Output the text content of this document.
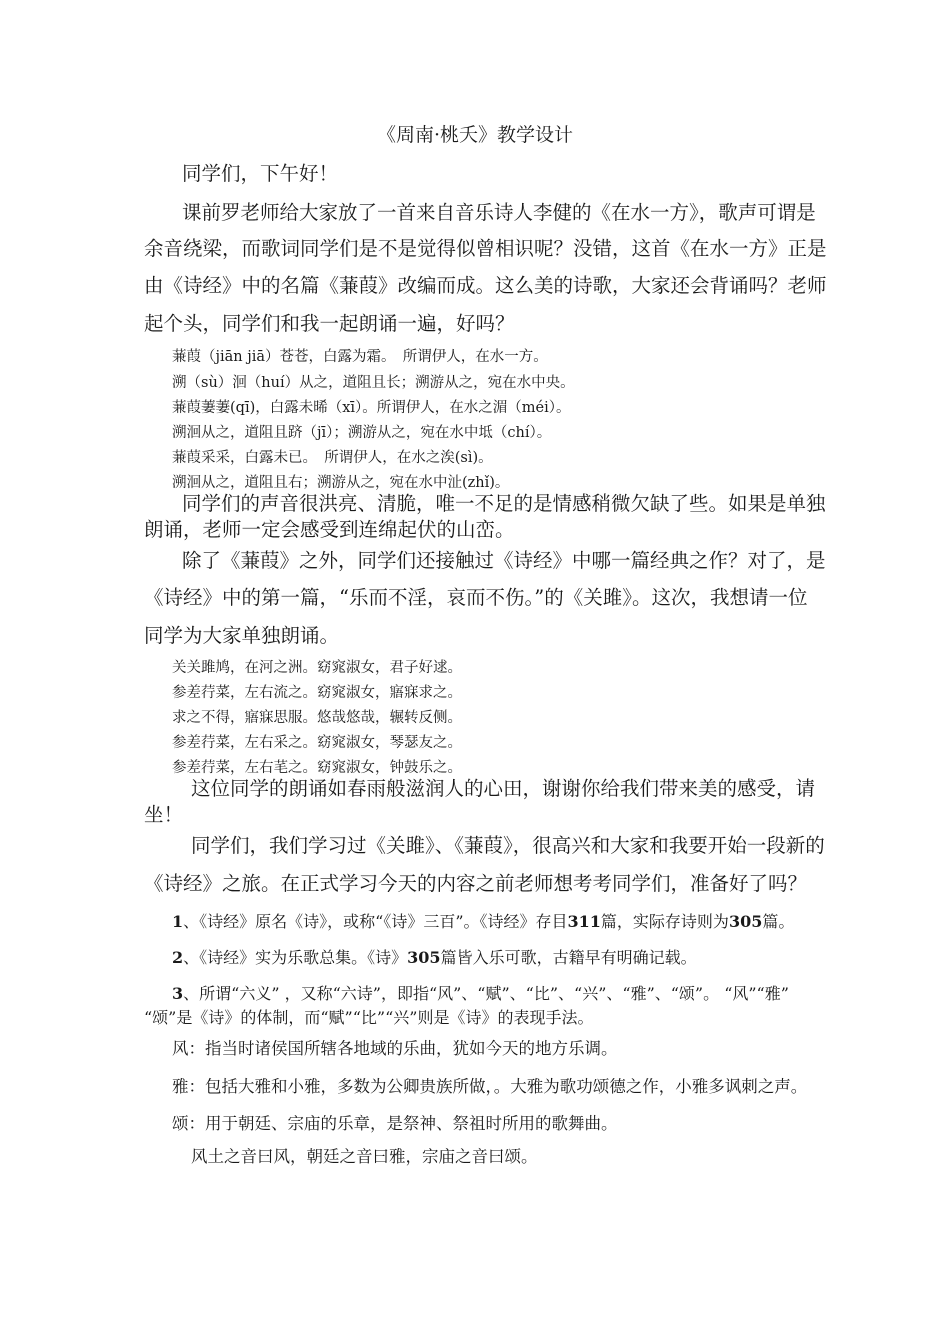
《周南·桃夭》教学设计

同学们，下午好！

课前罗老师给大家放了一首来自音乐诗人李健的《在水一方》，歌声可谓是

余音绕梁，而歌词同学们是不是觉得似曾相识呢？没错，这首《在水一方》正是

由《诗经》中的名篇《蒹葭》改编而成。这么美的诗歌，大家还会背诵吗？老师

起个头，同学们和我一起朗诵一遍，好吗？

蒹葭（jiān jiā）苍苍，白露为霜。　所谓伊人，在水一方。

溯（sù）洄（huí）从之，道阻且长；溯游从之，宛在水中央。

蒹葭萋萋(qī)，白露未晞（xī）。所谓伊人，在水之湄（méi）。

溯洄从之，道阻且跻（jī）；溯游从之，宛在水中坻（chí）。

蒹葭采采，白露未已。　所谓伊人，在水之涘(sì)。

溯洄从之，道阻且右；溯游从之，宛在水中沚(zhǐ)。

同学们的声音很洪亮、清脆，唯一不足的是情感稍微欠缺了些。如果是单独

朗诵，老师一定会感受到连绵起伏的山峦。

除了《蒹葭》之外，同学们还接触过《诗经》中哪一篇经典之作？对了，是

《诗经》中的第一篇，“乐而不淫，哀而不伤。”的《关雎》。这次，我想请一位

同学为大家单独朗诵。

关关雎鸠，在河之洲。窈窕淑女，君子好逑。

参差荇菜，左右流之。窈窕淑女，寤寐求之。

求之不得，寤寐思服。悠哉悠哉，辗转反侧。

参差荇菜，左右采之。窈窕淑女，琴瑟友之。

参差荇菜，左右芼之。窈窕淑女，钟鼓乐之。

这位同学的朗诵如春雨般滋润人的心田，谢谢你给我们带来美的感受，请

坐！

同学们，我们学习过《关雎》、《蒹葭》，很高兴和大家和我要开始一段新的

《诗经》之旅。在正式学习今天的内容之前老师想考考同学们，准备好了吗？

1、《诗经》原名《诗》，或称“《诗》三百”。《诗经》存目311篇，实际存诗则为305篇。

2、《诗经》实为乐歌总集。《诗》305篇皆入乐可歌，古籍早有明确记载。

3、所谓“六义” ，又称“六诗”，即指“风”、“赋”、“比”、“兴”、“雅”、“颂”。 “风”“雅”

“颂”是《诗》的体制，而“赋”“比”“兴”则是《诗》的表现手法。

风：指当时诸侯国所辖各地域的乐曲，犹如今天的地方乐调。

雅：包括大雅和小雅，多数为公卿贵族所做，。大雅为歌功颂德之作，小雅多讽刺之声。

颂：用于朝廷、宗庙的乐章，是祭神、祭祖时所用的歌舞曲。

风土之音曰风，朝廷之音曰雅，宗庙之音曰颂。
